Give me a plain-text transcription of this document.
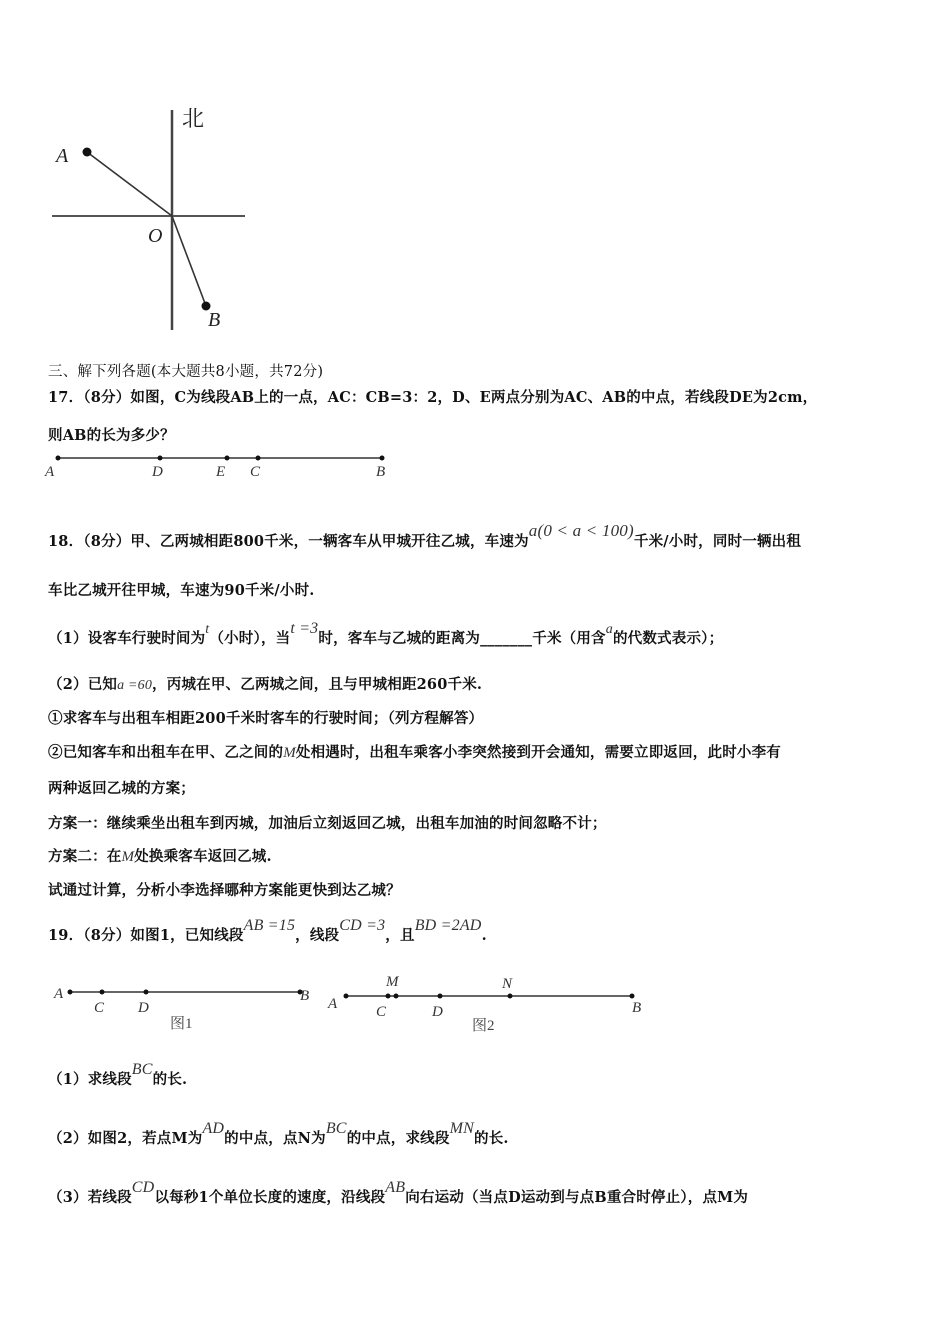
北
A
O
B
三、解下列各题(本大题共8小题，共72分)
17．（8分）如图，C为线段AB上的一点，AC：CB=3：2，D、E两点分别为AC、AB的中点，若线段DE为2cm，
则AB的长为多少？
A	D	E C	B
18．（8分）甲、乙两城相距800千米，一辆客车从甲城开往乙城，车速为a(0 < a < 100)千米/小时，同时一辆出租
车比乙城开往甲城，车速为90千米/小时.
（1）设客车行驶时间为t（小时），当t =3时，客车与乙城的距离为_______千米（用含a的代数式表示）；
（2）已知a =60，丙城在甲、乙两城之间，且与甲城相距260千米.
①求客车与出租车相距200千米时客车的行驶时间；（列方程解答）
②已知客车和出租车在甲、乙之间的M处相遇时，出租车乘客小李突然接到开会通知，需要立即返回，此时小李有
两种返回乙城的方案；
方案一：继续乘坐出租车到丙城，加油后立刻返回乙城，出租车加油的时间忽略不计；
方案二：在M处换乘客车返回乙城.
试通过计算，分析小李选择哪种方案能更快到达乙城？
19．（8分）如图1，已知线段AB =15，线段CD =3，且BD =2AD.
A
C D
B
图1
A
M
C	D
N
B
图2
（1）求线段BC的长.
（2）如图2，若点M为AD的中点，点N为BC的中点，求线段MN的长.
（3）若线段CD以每秒1个单位长度的速度，沿线段AB向右运动（当点D运动到与点B重合时停止），点M为
